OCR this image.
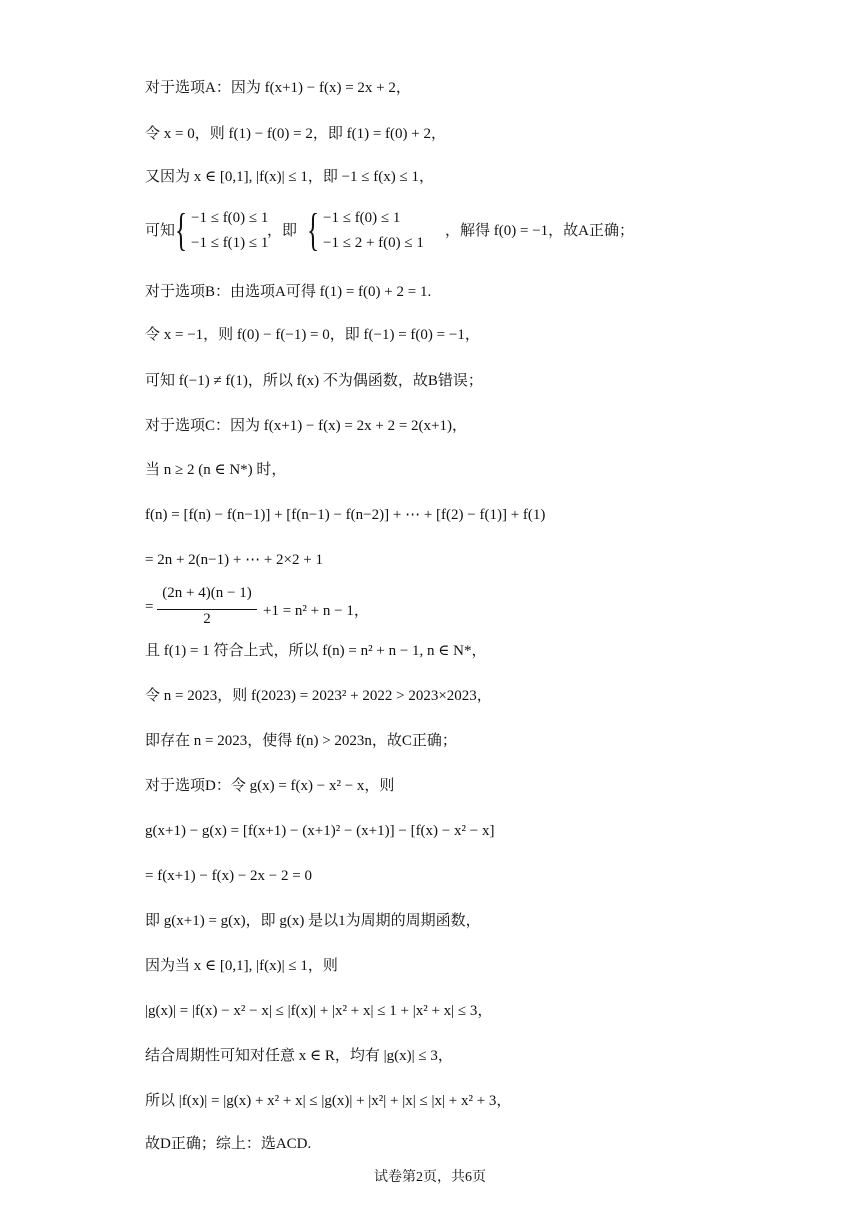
对于选项A：因为 f(x+1) − f(x) = 2x + 2，
令 x = 0，则 f(1) − f(0) = 2，即 f(1) = f(0) + 2，
又因为 x ∈ [0,1], |f(x)| ≤ 1，即 −1 ≤ f(x) ≤ 1，
可知 { −1 ≤ f(0) ≤ 1
−1 ≤ f(1) ≤ 1
，即 { −1 ≤ f(0) ≤ 1
−1 ≤ 2 + f(0) ≤ 1
，解得 f(0) = −1，故A正确；
对于选项B：由选项A可得 f(1) = f(0) + 2 = 1.
令 x = −1，则 f(0) − f(−1) = 0，即 f(−1) = f(0) = −1，
可知 f(−1) ≠ f(1)，所以 f(x) 不为偶函数，故B错误；
对于选项C：因为 f(x+1) − f(x) = 2x + 2 = 2(x+1)，
当 n ≥ 2 (n ∈ N*) 时，
f(n) = [f(n) − f(n−1)] + [f(n−1) − f(n−2)] + ⋯ + [f(2) − f(1)] + f(1)
= 2n + 2(n−1) + ⋯ + 2×2 + 1
=
(2n + 4)(n − 1)
2	+1 = n² + n − 1，
且 f(1) = 1 符合上式，所以 f(n) = n² + n − 1, n ∈ N*，
令 n = 2023，则 f(2023) = 2023² + 2022 > 2023×2023，
即存在 n = 2023，使得 f(n) > 2023n，故C正确；
对于选项D：令 g(x) = f(x) − x² − x，则
g(x+1) − g(x) = [f(x+1) − (x+1)² − (x+1)] − [f(x) − x² − x]
= f(x+1) − f(x) − 2x − 2 = 0
即 g(x+1) = g(x)，即 g(x) 是以1为周期的周期函数，
因为当 x ∈ [0,1], |f(x)| ≤ 1，则
|g(x)| = |f(x) − x² − x| ≤ |f(x)| + |x² + x| ≤ 1 + |x² + x| ≤ 3，
结合周期性可知对任意 x ∈ R，均有 |g(x)| ≤ 3，
所以 |f(x)| = |g(x) + x² + x| ≤ |g(x)| + |x²| + |x| ≤ |x| + x² + 3，
故D正确；综上：选ACD.
试卷第2页，共6页
